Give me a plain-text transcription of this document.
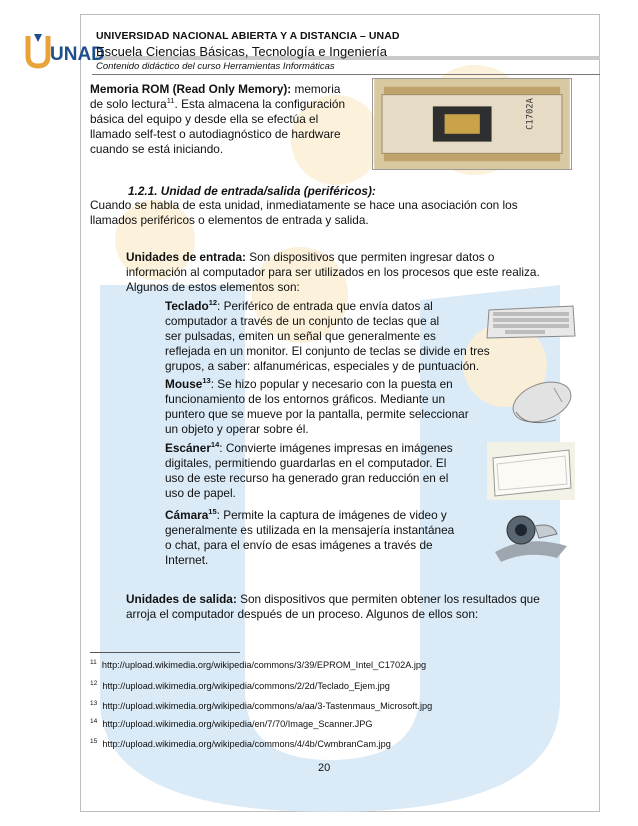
UNAD
UNIVERSIDAD NACIONAL ABIERTA Y A DISTANCIA – UNAD
Escuela Ciencias Básicas, Tecnología e Ingeniería
Contenido didáctico del curso Herramientas Informáticas
Memoria ROM (Read Only Memory): memoria
de solo lectura$^{11}$. Esta almacena la configuración
básica del equipo y desde ella se efectúa el
llamado self-test o autodiagnóstico de hardware
cuando se está iniciando.
C1702A
1.2.1. Unidad de entrada/salida (periféricos):
Cuando se habla de esta unidad, inmediatamente se hace una asociación con los
llamados periféricos o elementos de entrada y salida.
Unidades de entrada: Son dispositivos que permiten ingresar datos o
información al computador para ser utilizados en los procesos que este realiza.
Algunos de estos elementos son:
Teclado$^{12}$: Periférico de entrada que envía datos al
computador a través de un conjunto de teclas que al
ser pulsadas, emiten un señal que generalmente es
reflejada en un monitor. El conjunto de teclas se divide en tres
grupos, a saber: alfanuméricas, especiales y de puntuación.
Mouse$^{13}$: Se hizo popular y necesario con la puesta en
funcionamiento de los entornos gráficos. Mediante un
puntero que se mueve por la pantalla, permite seleccionar
un objeto y operar sobre él.
Escáner$^{14}$: Convierte imágenes impresas en imágenes
digitales, permitiendo guardarlas en el computador. El
uso de este recurso ha generado gran reducción en el
uso de papel.
Cámara$^{15}$: Permite la captura de imágenes de video y
generalmente es utilizada en la mensajería instantánea
o chat, para el envío de esas imágenes a través de
Internet.
Unidades de salida: Son dispositivos que permiten obtener los resultados que
arroja el computador después de un proceso. Algunos de ellos son:
$^{11}$ http://upload.wikimedia.org/wikipedia/commons/3/39/EPROM_Intel_C1702A.jpg
$^{12}$ http://upload.wikimedia.org/wikipedia/commons/2/2d/Teclado_Ejem.jpg
$^{13}$ http://upload.wikimedia.org/wikipedia/commons/a/aa/3-Tastenmaus_Microsoft.jpg
$^{14}$ http://upload.wikimedia.org/wikipedia/en/7/70/Image_Scanner.JPG
$^{15}$ http://upload.wikimedia.org/wikipedia/commons/4/4b/CwmbranCam.jpg
20
